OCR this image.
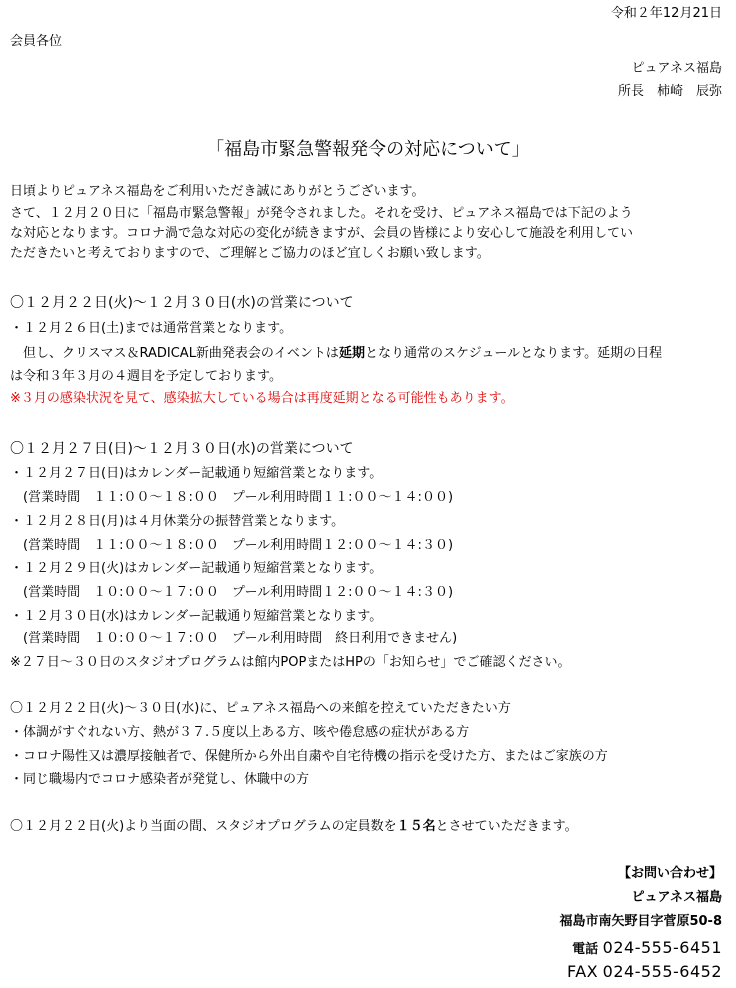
令和２年12月21日
会員各位
ピュアネス福島
所長　柿崎　辰弥
「福島市緊急警報発令の対応について」
日頃よりピュアネス福島をご利用いただき誠にありがとうございます。
さて、１２月２０日に「福島市緊急警報」が発令されました。それを受け、ピュアネス福島では下記のよう
な対応となります。コロナ渦で急な対応の変化が続きますが、会員の皆様により安心して施設を利用してい
ただきたいと考えておりますので、ご理解とご協力のほど宜しくお願い致します。
〇１２月２２日(火)～１２月３０日(水)の営業について
・１２月２６日(土)までは通常営業となります。
　但し、クリスマス＆RADICAL新曲発表会のイベントは延期となり通常のスケジュールとなります。延期の日程
は令和３年３月の４週目を予定しております。
※３月の感染状況を見て、感染拡大している場合は再度延期となる可能性もあります。
〇１２月２７日(日)～１２月３０日(水)の営業について
・１２月２７日(日)はカレンダー記載通り短縮営業となります。
　(営業時間　１１:００～１８:００　プール利用時間１１:００～１４:００)
・１２月２８日(月)は４月休業分の振替営業となります。
　(営業時間　１１:００～１８:００　プール利用時間１２:００～１４:３０)
・１２月２９日(火)はカレンダー記載通り短縮営業となります。
　(営業時間　１０:００～１７:００　プール利用時間１２:００～１４:３０)
・１２月３０日(水)はカレンダー記載通り短縮営業となります。
　(営業時間　１０:００～１７:００　プール利用時間　終日利用できません)
※２７日～３０日のスタジオプログラムは館内POPまたはHPの「お知らせ」でご確認ください。
〇１２月２２日(火)～３０日(水)に、ピュアネス福島への来館を控えていただきたい方
・体調がすぐれない方、熱が３７.５度以上ある方、咳や倦怠感の症状がある方
・コロナ陽性又は濃厚接触者で、保健所から外出自粛や自宅待機の指示を受けた方、またはご家族の方
・同じ職場内でコロナ感染者が発覚し、休職中の方
〇１２月２２日(火)より当面の間、スタジオプログラムの定員数を１５名とさせていただきます。
【お問い合わせ】
ピュアネス福島
福島市南矢野目字菅原50-8
電話 024-555-6451
FAX 024-555-6452
